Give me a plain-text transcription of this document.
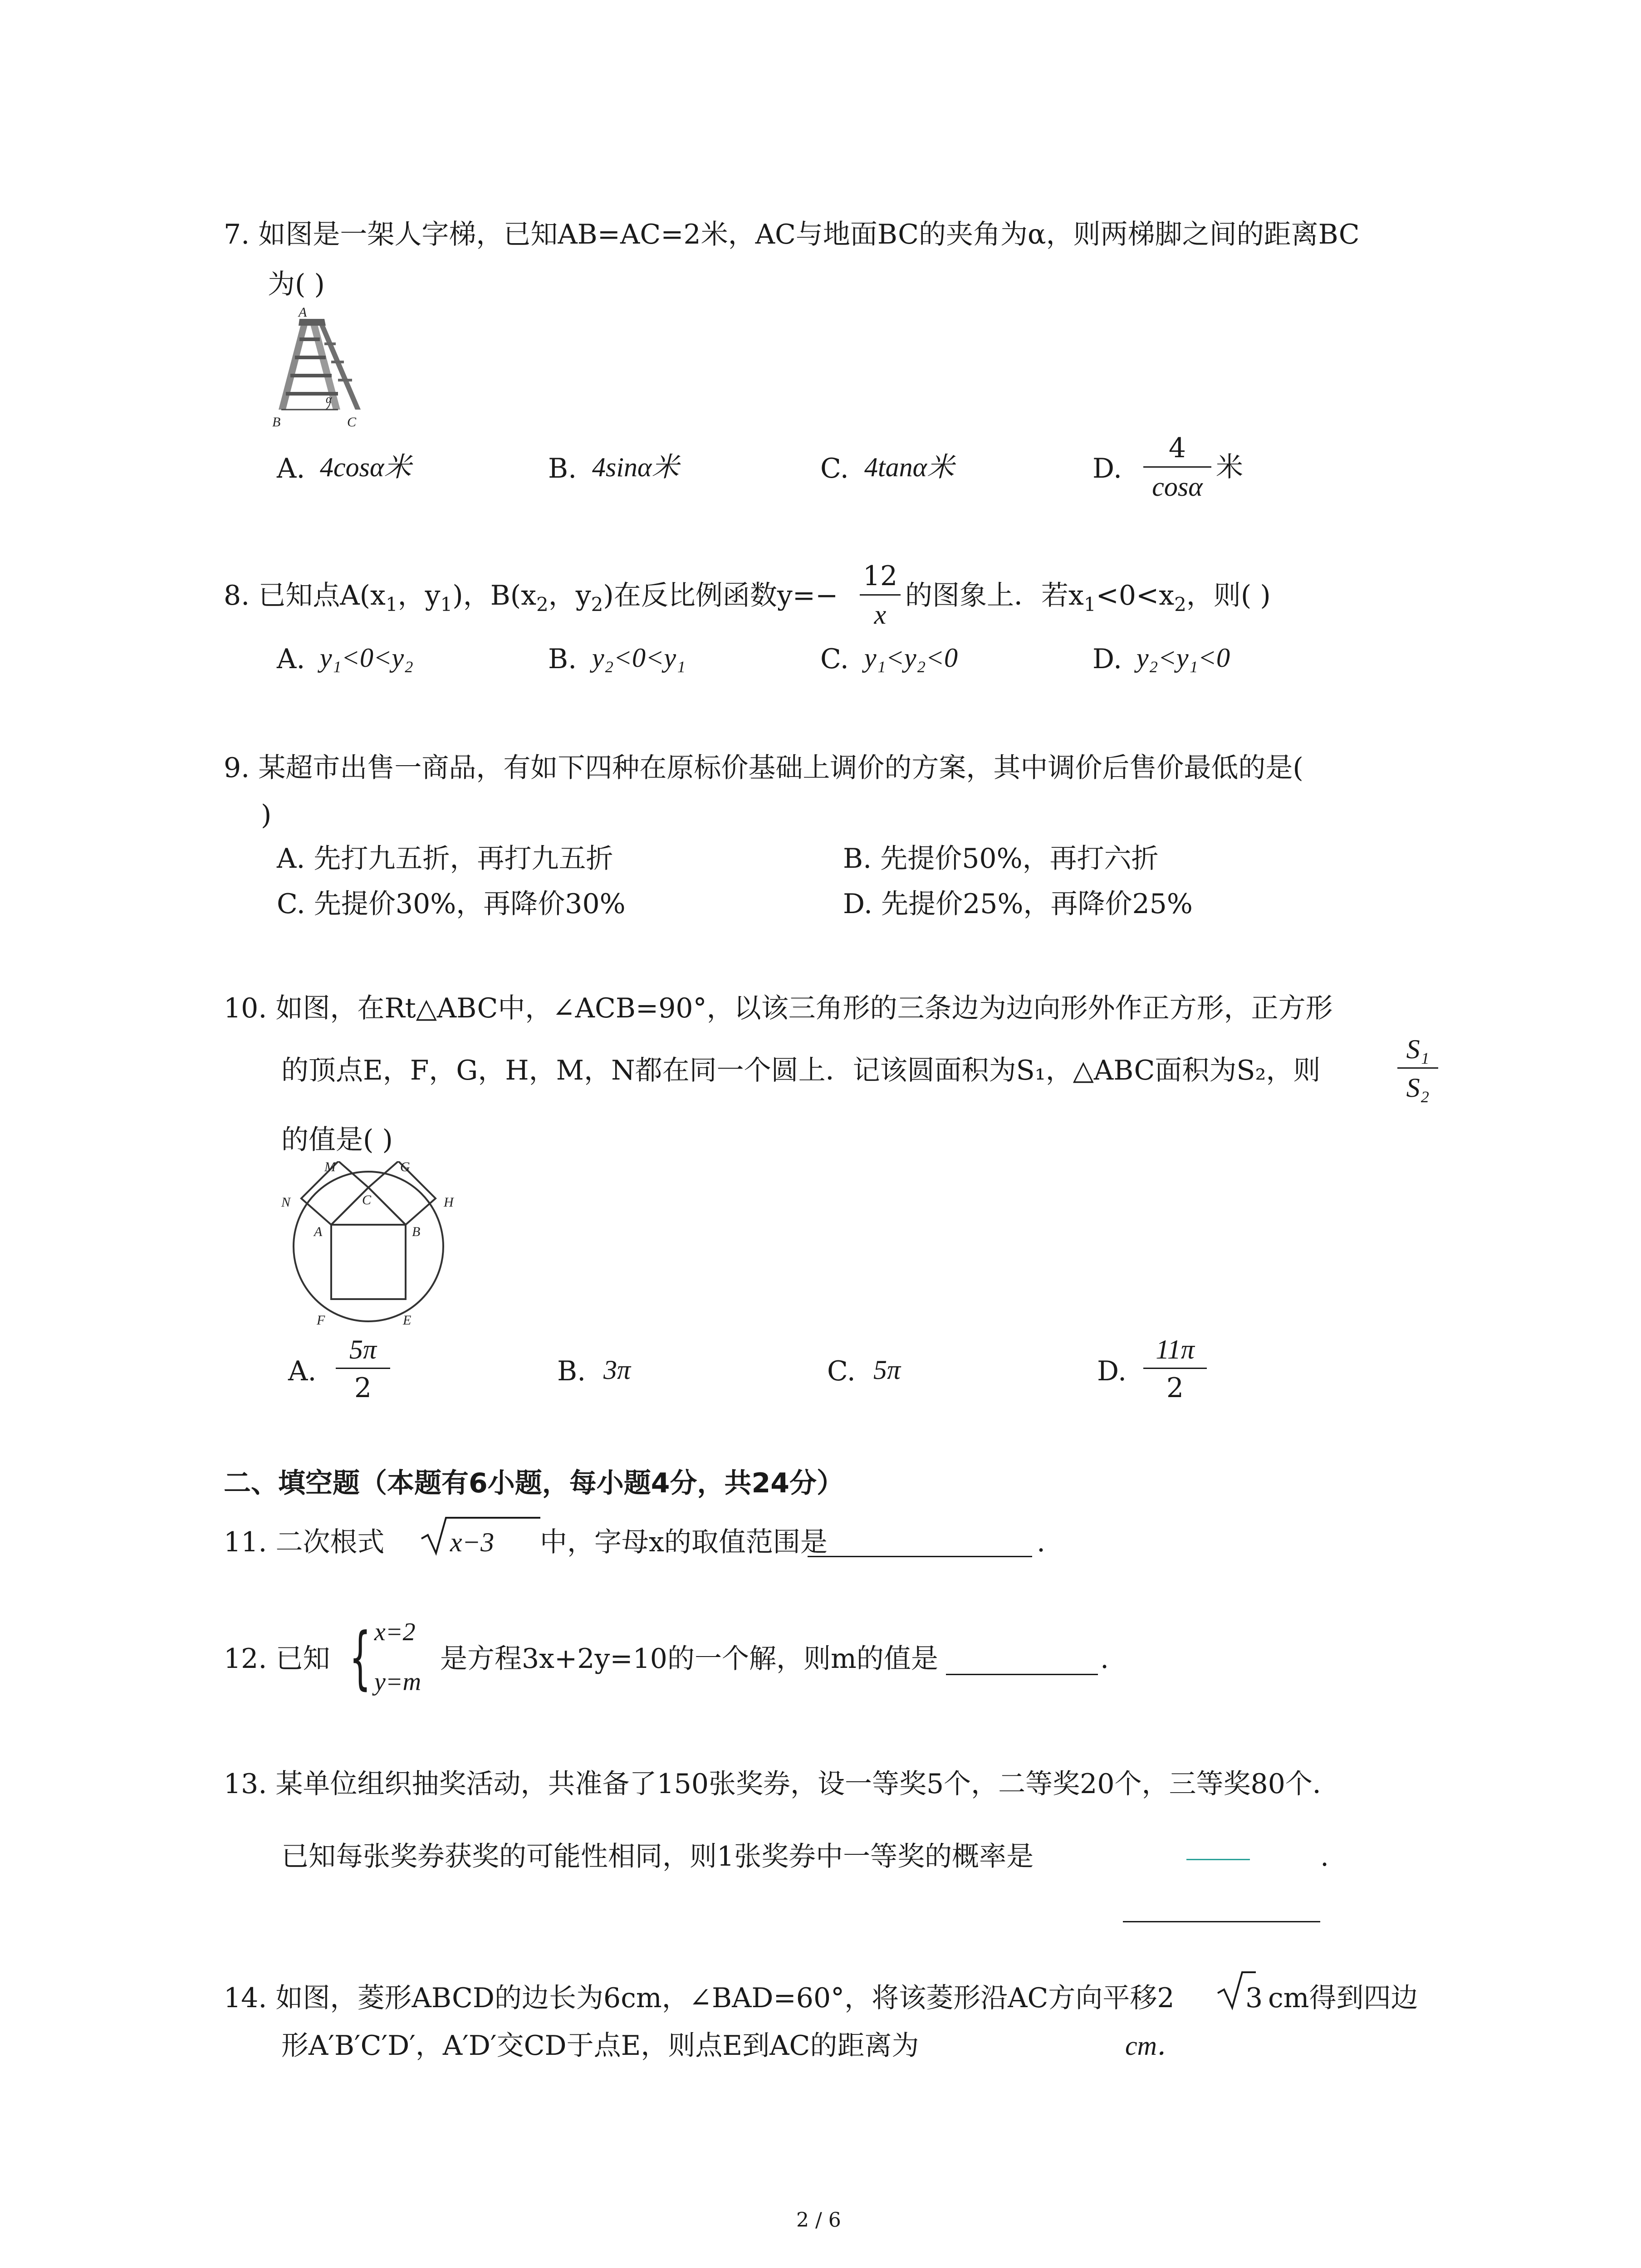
7. 如图是一架人字梯，已知AB=AC=2米，AC与地面BC的夹角为α，则两梯脚之间的距离BC
为( )
A
B	C
α
A. 4cosα米	B. 4sinα米	C. 4tanα米	D.
4
cosα
米
8. 已知点$A(x_1$，$y_1$)，$B(x_2$，$y_2$)在反比例函数y=−
12
x
的图象上．若$x_1<0<x_2$，则( )
A. y₁<0<y₂	B. y₂<0<y₁	C. y₁<y₂<0	D. y₂<y₁<0
9. 某超市出售一商品，有如下四种在原标价基础上调价的方案，其中调价后售价最低的是(
)
A. 先打九五折，再打九五折	B. 先提价50%，再打六折
C. 先提价30%，再降价30%	D. 先提价25%，再降价25%
10. 如图，在Rt△ABC中，∠ACB=90°，以该三角形的三条边为边向形外作正方形，正方形
的顶点E，F，G，H，M，N都在同一个圆上．记该圆面积为S₁，△ABC面积为S₂，则
S₁
S₂
的值是( )
M	G
C
N	H
A	B
F	E
A.
5π
2
B. 3π	C. 5π	D.
11π
2
二、填空题（本题有6小题，每小题4分，共24分）
11. 二次根式 x−3 中，字母x的取值范围是	.
12. 已知 { x=2
y=m
是方程3x+2y=10的一个解，则m的值是	.
13. 某单位组织抽奖活动，共准备了150张奖券，设一等奖5个，二等奖20个，三等奖80个．
已知每张奖券获奖的可能性相同，则1张奖券中一等奖的概率是	.
14. 如图，菱形ABCD的边长为6cm，∠BAD=60°，将该菱形沿AC方向平移2	3 cm得到四边
形A′B′C′D′，A′D′交CD于点E，则点E到AC的距离为	cm．
2 / 6
